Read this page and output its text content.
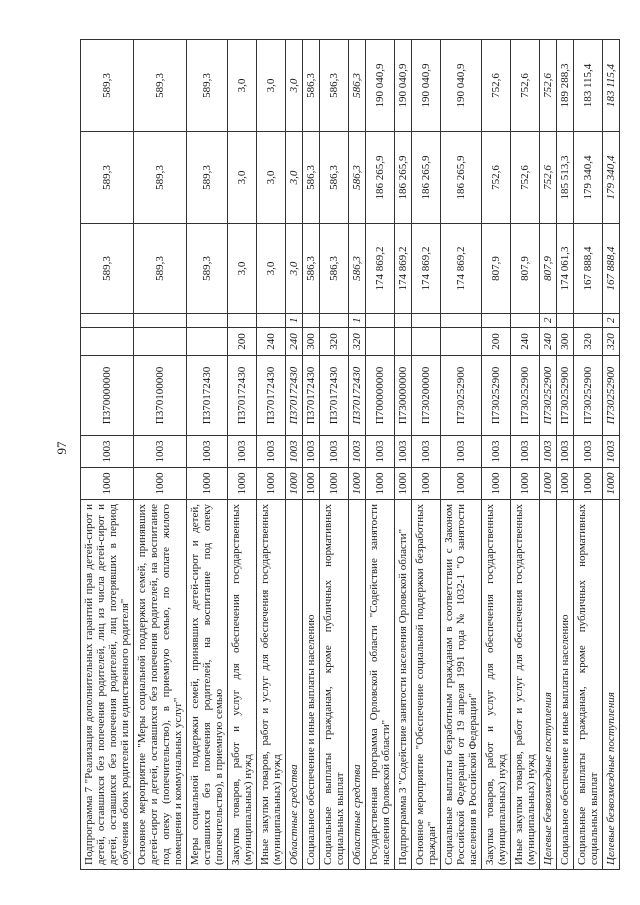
97
Подпрограмма 7 "Реализация дополнительных гарантий прав детей-сирот и детей, оставшихся без попечения родителей, лиц из числа детей-сирот и детей, оставшихся без попечения родителей, лиц потерявших в период обучения обоих родителей или единственного родителя"	1000	1003	П370000000			589,3	589,3	589,3
Основное мероприятие "Меры социальной поддержки семей, принявших детей-сирот и детей, оставшихся без попечения родителей, на воспитание под опеку (попечительство), в приемную семью, по оплате жилого помещения и коммунальных услуг"	1000	1003	П370100000			589,3	589,3	589,3
Меры социальной поддержки семей, принявших детей-сирот и детей, оставшихся без попечения родителей, на воспитание под опеку (попечительство), в приемную семью	1000	1003	П370172430			589,3	589,3	589,3
Закупка товаров, работ и услуг для обеспечения государственных (муниципальных) нужд	1000	1003	П370172430	200		3,0	3,0	3,0
Иные закупки товаров, работ и услуг для обеспечения государственных (муниципальных) нужд	1000	1003	П370172430	240		3,0	3,0	3,0
Областные средства	1000	1003	П370172430	240	1	3,0	3,0	3,0
Социальное обеспечение и иные выплаты населению	1000	1003	П370172430	300		586,3	586,3	586,3
Социальные выплаты гражданам, кроме публичных нормативных социальных выплат	1000	1003	П370172430	320		586,3	586,3	586,3
Областные средства	1000	1003	П370172430	320	1	586,3	586,3	586,3
Государственная программа Орловской области "Содействие занятости населения Орловской области"	1000	1003	П700000000			174 869,2	186 265,9	190 040,9
Подпрограмма 3 "Содействие занятости населения Орловской области"	1000	1003	П730000000			174 869,2	186 265,9	190 040,9
Основное мероприятие "Обеспечение социальной поддержки безработных граждан"	1000	1003	П730200000			174 869,2	186 265,9	190 040,9
Социальные выплаты безработным гражданам в соответствии с Законом Российской Федерации от 19 апреля 1991 года № 1032-1 "О занятости населения в Российской Федерации"	1000	1003	П730252900			174 869,2	186 265,9	190 040,9
Закупка товаров, работ и услуг для обеспечения государственных (муниципальных) нужд	1000	1003	П730252900	200		807,9	752,6	752,6
Иные закупки товаров, работ и услуг для обеспечения государственных (муниципальных) нужд	1000	1003	П730252900	240		807,9	752,6	752,6
Целевые безвозмездные поступления	1000	1003	П730252900	240	2	807,9	752,6	752,6
Социальное обеспечение и иные выплаты населению	1000	1003	П730252900	300		174 061,3	185 513,3	189 288,3
Социальные выплаты гражданам, кроме публичных нормативных социальных выплат	1000	1003	П730252900	320		167 888,4	179 340,4	183 115,4
Целевые безвозмездные поступления	1000	1003	П730252900	320	2	167 888,4	179 340,4	183 115,4
